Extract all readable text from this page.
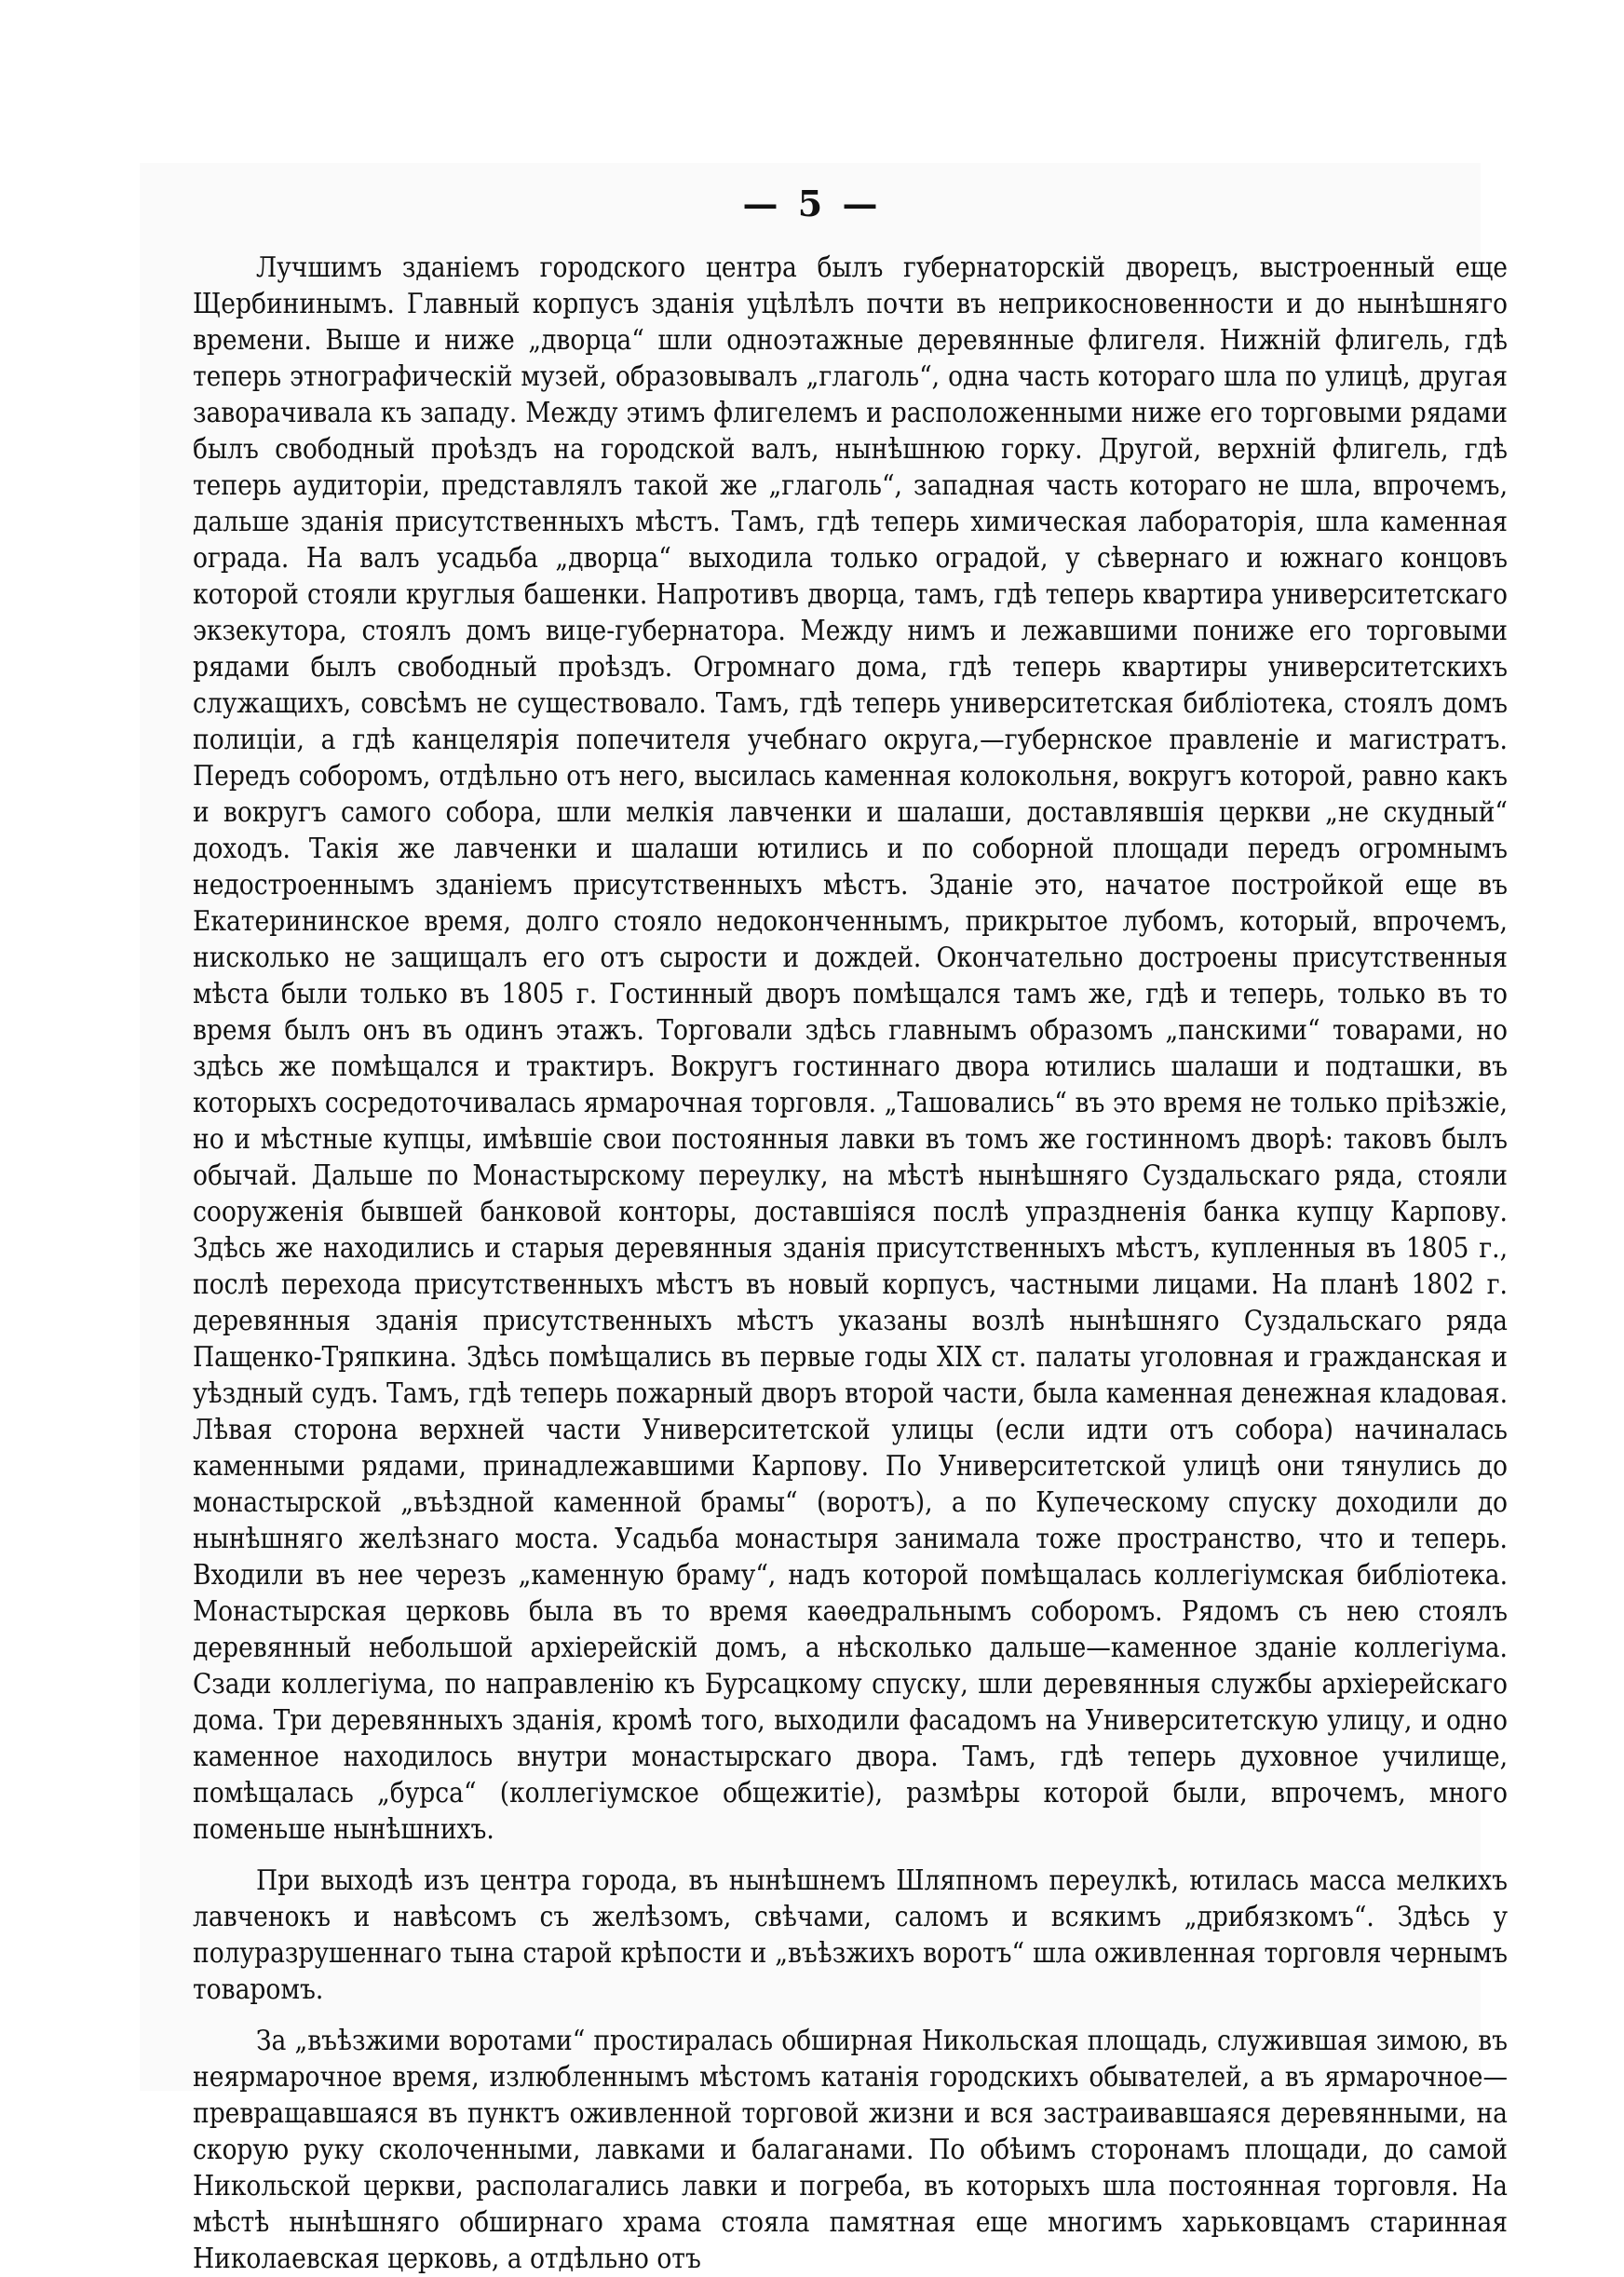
— 5 —

Лучшимъ зданіемъ городского центра былъ губернаторскій дворецъ, выстроенный еще Щербининымъ. Главный корпусъ зданія уцѣлѣлъ почти въ неприкосновенности и до нынѣшняго времени. Выше и ниже „дворца“ шли одноэтажные деревянные флигеля. Нижній флигель, гдѣ теперь этнографическій музей, образовывалъ „глаголь“, одна часть котораго шла по улицѣ, другая заворачивала къ западу. Между этимъ флигелемъ и расположенными ниже его торговыми рядами былъ свободный проѣздъ на городской валъ, нынѣшнюю горку. Другой, верхній флигель, гдѣ теперь аудиторіи, представлялъ такой же „глаголь“, западная часть котораго не шла, впрочемъ, дальше зданія присутственныхъ мѣстъ. Тамъ, гдѣ теперь химическая лабораторія, шла каменная ограда. На валъ усадьба „дворца“ выходила только оградой, у сѣвернаго и южнаго концовъ которой стояли круглыя башенки. Напротивъ дворца, тамъ, гдѣ теперь квартира университетскаго экзекутора, стоялъ домъ вице-губернатора. Между нимъ и лежавшими пониже его торговыми рядами былъ свободный проѣздъ. Огромнаго дома, гдѣ теперь квартиры университетскихъ служащихъ, совсѣмъ не существовало. Тамъ, гдѣ теперь университетская библіотека, стоялъ домъ полиціи, а гдѣ канцелярія попечителя учебнаго округа,—губернское правленіе и магистратъ. Передъ соборомъ, отдѣльно отъ него, высилась каменная колокольня, вокругъ которой, равно какъ и вокругъ самого собора, шли мелкія лавченки и шалаши, доставлявшія церкви „не скудный“ доходъ. Такія же лавченки и шалаши ютились и по соборной площади передъ огромнымъ недостроеннымъ зданіемъ присутственныхъ мѣстъ. Зданіе это, начатое постройкой еще въ Екатерининское время, долго стояло недоконченнымъ, прикрытое лубомъ, который, впрочемъ, нисколько не защищалъ его отъ сырости и дождей. Окончательно достроены присутственныя мѣста были только въ 1805 г. Гостинный дворъ помѣщался тамъ же, гдѣ и теперь, только въ то время былъ онъ въ одинъ этажъ. Торговали здѣсь главнымъ образомъ „панскими“ товарами, но здѣсь же помѣщался и трактиръ. Вокругъ гостиннаго двора ютились шалаши и подташки, въ которыхъ сосредоточивалась ярмарочная торговля. „Ташовались“ въ это время не только пріѣзжіе, но и мѣстные купцы, имѣвшіе свои постоянныя лавки въ томъ же гостинномъ дворѣ: таковъ былъ обычай. Дальше по Монастырскому переулку, на мѣстѣ нынѣшняго Суздальскаго ряда, стояли сооруженія бывшей банковой конторы, доставшіяся послѣ упраздненія банка купцу Карпову. Здѣсь же находились и старыя деревянныя зданія присутственныхъ мѣстъ, купленныя въ 1805 г., послѣ перехода присутственныхъ мѣстъ въ новый корпусъ, частными лицами. На планѣ 1802 г. деревянныя зданія присутственныхъ мѣстъ указаны возлѣ нынѣшняго Суздальскаго ряда Пащенко-Тряпкина. Здѣсь помѣщались въ первые годы XIX ст. палаты уголовная и гражданская и уѣздный судъ. Тамъ, гдѣ теперь пожарный дворъ второй части, была каменная денежная кладовая. Лѣвая сторона верхней части Университетской улицы (если идти отъ собора) начиналась каменными рядами, принадлежавшими Карпову. По Университетской улицѣ они тянулись до монастырской „въѣздной каменной брамы“ (воротъ), а по Купеческому спуску доходили до нынѣшняго желѣзнаго моста. Усадьба монастыря занимала тоже пространство, что и теперь. Входили въ нее черезъ „каменную браму“, надъ которой помѣщалась коллегіумская библіотека. Монастырская церковь была въ то время каѳедральнымъ соборомъ. Рядомъ съ нею стоялъ деревянный небольшой архіерейскій домъ, а нѣсколько дальше—каменное зданіе коллегіума. Сзади коллегіума, по направленію къ Бурсацкому спуску, шли деревянныя службы архіерейскаго дома. Три деревянныхъ зданія, кромѣ того, выходили фасадомъ на Университетскую улицу, и одно каменное находилось внутри монастырскаго двора. Тамъ, гдѣ теперь духовное училище, помѣщалась „бурса“ (коллегіумское общежитіе), размѣры которой были, впрочемъ, много поменьше нынѣшнихъ.

При выходѣ изъ центра города, въ нынѣшнемъ Шляпномъ переулкѣ, ютилась масса мелкихъ лавченокъ и навѣсомъ съ желѣзомъ, свѣчами, саломъ и всякимъ „дрибязкомъ“. Здѣсь у полуразрушеннаго тына старой крѣпости и „въѣзжихъ воротъ“ шла оживленная торговля чернымъ товаромъ.

За „въѣзжими воротами“ простиралась обширная Никольская площадь, служившая зимою, въ неярмарочное время, излюбленнымъ мѣстомъ катанія городскихъ обывателей, а въ ярмарочное—превращавшаяся въ пунктъ оживленной торговой жизни и вся застраивавшаяся деревянными, на скорую руку сколоченными, лавками и балаганами. По обѣимъ сторонамъ площади, до самой Никольской церкви, располагались лавки и погреба, въ которыхъ шла постоянная торговля. На мѣстѣ нынѣшняго обширнаго храма стояла памятная еще многимъ харьковцамъ старинная Николаевская церковь, а отдѣльно отъ
